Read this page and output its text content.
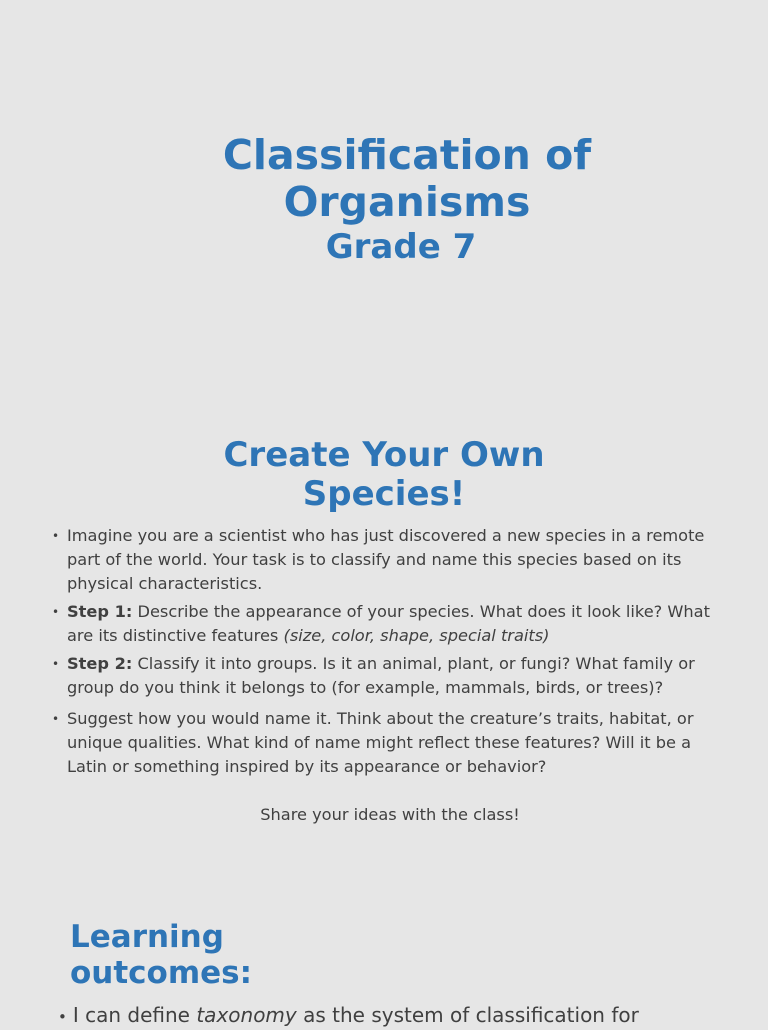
Classification of
Organisms
Grade 7
Create Your Own
Species!
• Imagine you are a scientist who has just discovered a new species in a remote part of the world. Your task is to classify and name this species based on its physical characteristics.
• Step 1: Describe the appearance of your species. What does it look like? What are its distinctive features (size, color, shape, special traits)
• Step 2: Classify it into groups. Is it an animal, plant, or fungi? What family or group do you think it belongs to (for example, mammals, birds, or trees)?
• Suggest how you would name it. Think about the creature’s traits, habitat, or unique qualities. What kind of name might reflect these features? Will it be a Latin or something inspired by its appearance or behavior?
Share your ideas with the class!
Learning
outcomes:
• I can define taxonomy as the system of classification for
